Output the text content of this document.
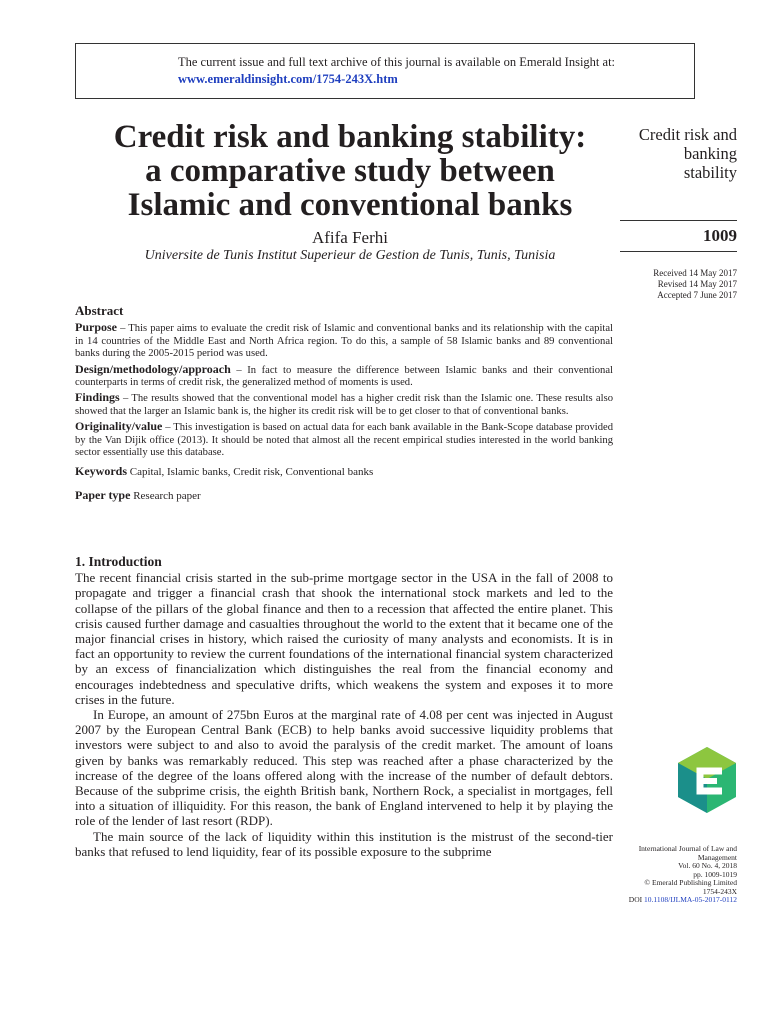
The current issue and full text archive of this journal is available on Emerald Insight at:
www.emeraldinsight.com/1754-243X.htm
Credit risk and banking stability:
a comparative study between
Islamic and conventional banks
Afifa Ferhi
Universite de Tunis Institut Superieur de Gestion de Tunis, Tunis, Tunisia
Credit risk and
banking
stability
1009
Received 14 May 2017
Revised 14 May 2017
Accepted 7 June 2017
Abstract
Purpose – This paper aims to evaluate the credit risk of Islamic and conventional banks and its relationship with the capital in 14 countries of the Middle East and North Africa region. To do this, a sample of 58 Islamic banks and 89 conventional banks during the 2005-2015 period was used.
Design/methodology/approach – In fact to measure the difference between Islamic banks and their conventional counterparts in terms of credit risk, the generalized method of moments is used.
Findings – The results showed that the conventional model has a higher credit risk than the Islamic one. These results also showed that the larger an Islamic bank is, the higher its credit risk will be to get closer to that of conventional banks.
Originality/value – This investigation is based on actual data for each bank available in the Bank-Scope database provided by the Van Dijik office (2013). It should be noted that almost all the recent empirical studies interested in the world banking sector essentially use this database.
Keywords Capital, Islamic banks, Credit risk, Conventional banks
Paper type Research paper
1. Introduction

The recent financial crisis started in the sub-prime mortgage sector in the USA in the fall of 2008 to propagate and trigger a financial crash that shook the international stock markets and led to the collapse of the pillars of the global finance and then to a recession that affected the entire planet. This crisis caused further damage and casualties throughout the world to the extent that it became one of the major financial crises in history, which raised the curiosity of many analysts and economists. It is in fact an opportunity to review the current foundations of the international financial system characterized by an excess of financialization which distinguishes the real from the financial economy and encourages indebtedness and speculative drifts, which weakens the system and exposes it to more crises in the future.

In Europe, an amount of 275bn Euros at the marginal rate of 4.08 per cent was injected in August 2007 by the European Central Bank (ECB) to help banks avoid successive liquidity problems that investors were subject to and also to avoid the paralysis of the credit market. The amount of loans given by banks was remarkably reduced. This step was reached after a phase characterized by the increase of the degree of the loans offered along with the increase of the number of default debtors. Because of the subprime crisis, the eighth British bank, Northern Rock, a specialist in mortgages, fell into a situation of illiquidity. For this reason, the bank of England intervened to help it by playing the role of the lender of last resort (RDP).

The main source of the lack of liquidity within this institution is the mistrust of the second-tier banks that refused to lend liquidity, fear of its possible exposure to the subprime	International Journal of Law and
Management
Vol. 60 No. 4, 2018
pp. 1009-1019
© Emerald Publishing Limited
1754-243X
DOI 10.1108/IJLMA-05-2017-0112
